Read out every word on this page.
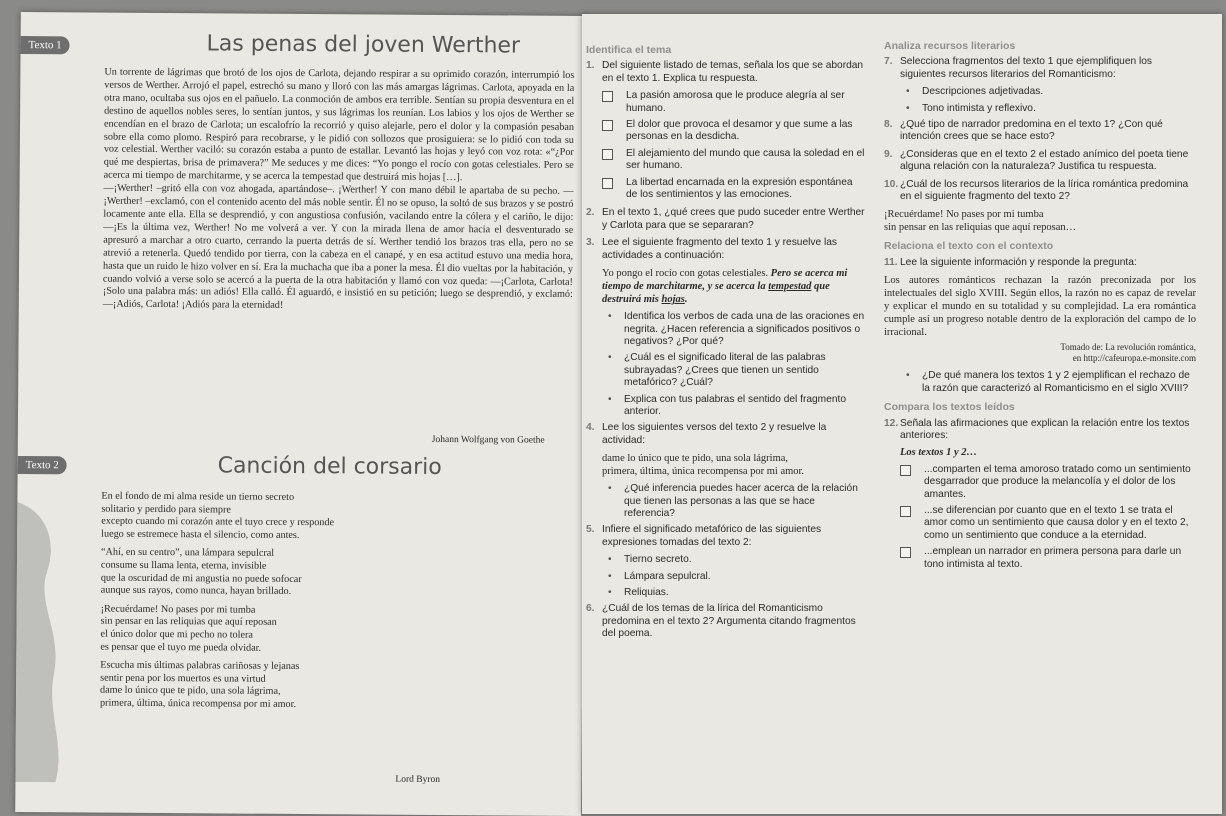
Texto 1	Las penas del joven Werther

Un torrente de lágrimas que brotó de los ojos de Carlota, dejando respirar a su oprimido corazón, interrumpió los versos de Werther. Arrojó el papel, estrechó su mano y lloró con las más amargas lágrimas. Carlota, apoyada en la otra mano, ocultaba sus ojos en el pañuelo. La conmoción de ambos era terrible. Sentían su propia desventura en el destino de aquellos nobles seres, lo sentían juntos, y sus lágrimas los reunían. Los labios y los ojos de Werther se encendían en el brazo de Carlota; un escalofrío la recorrió y quiso alejarle, pero el dolor y la compasión pesaban sobre ella como plomo. Respiró para recobrarse, y le pidió con sollozos que prosiguiera: se lo pidió con toda su voz celestial. Werther vaciló: su corazón estaba a punto de estallar. Levantó las hojas y leyó con voz rota: «“¿Por qué me despiertas, brisa de primavera?” Me seduces y me dices: “Yo pongo el rocío con gotas celestiales. Pero se acerca mi tiempo de marchitarme, y se acerca la tempestad que destruirá mis hojas […].

—¡Werther! –gritó ella con voz ahogada, apartándose–. ¡Werther! Y con mano débil le apartaba de su pecho. —¡Werther! –exclamó, con el contenido acento del más noble sentir. Él no se opuso, la soltó de sus brazos y se postró locamente ante ella. Ella se desprendió, y con angustiosa confusión, vacilando entre la cólera y el cariño, le dijo: —¡Es la última vez, Werther! No me volverá a ver. Y con la mirada llena de amor hacia el desventurado se apresuró a marchar a otro cuarto, cerrando la puerta detrás de sí. Werther tendió los brazos tras ella, pero no se atrevió a retenerla. Quedó tendido por tierra, con la cabeza en el canapé, y en esa actitud estuvo una media hora, hasta que un ruido le hizo volver en sí. Era la muchacha que iba a poner la mesa. Él dio vueltas por la habitación, y cuando volvió a verse solo se acercó a la puerta de la otra habitación y llamó con voz queda: —¡Carlota, Carlota! ¡Solo una palabra más: un adiós! Ella calló. Él aguardó, e insistió en su petición; luego se desprendió, y exclamó: —¡Adiós, Carlota! ¡Adiós para la eternidad!

Johann Wolfgang von Goethe
Texto 2	Canción del corsario
En el fondo de mi alma reside un tierno secreto
solitario y perdido para siempre
excepto cuando mi corazón ante el tuyo crece y responde
luego se estremece hasta el silencio, como antes.
“Ahí, en su centro”, una lámpara sepulcral
consume su llama lenta, eterna, invisible
que la oscuridad de mi angustia no puede sofocar
aunque sus rayos, como nunca, hayan brillado.
¡Recuérdame! No pases por mi tumba
sin pensar en las reliquias que aquí reposan
el único dolor que mi pecho no tolera
es pensar que el tuyo me pueda olvidar.
Escucha mis últimas palabras cariñosas y lejanas
sentir pena por los muertos es una virtud
dame lo único que te pido, una sola lágrima,
primera, última, única recompensa por mi amor.
Lord Byron
Identifica el tema
1. Del siguiente listado de temas, señala los que se abordan en el texto 1. Explica tu respuesta.
La pasión amorosa que le produce alegría al ser humano.
El dolor que provoca el desamor y que sume a las personas en la desdicha.
El alejamiento del mundo que causa la soledad en el ser humano.
La libertad encarnada en la expresión espontánea de los sentimientos y las emociones.
2. En el texto 1, ¿qué crees que pudo suceder entre Werther y Carlota para que se separaran?
3. Lee el siguiente fragmento del texto 1 y resuelve las actividades a continuación:
Yo pongo el rocío con gotas celestiales. Pero se acerca mi tiempo de marchitarme, y se acerca la tempestad que destruirá mis hojas.
• Identifica los verbos de cada una de las oraciones en negrita. ¿Hacen referencia a significados positivos o negativos? ¿Por qué?
• ¿Cuál es el significado literal de las palabras subrayadas? ¿Crees que tienen un sentido metafórico? ¿Cuál?
• Explica con tus palabras el sentido del fragmento anterior.
4. Lee los siguientes versos del texto 2 y resuelve la actividad:
dame lo único que te pido, una sola lágrima,
primera, última, única recompensa por mi amor.
• ¿Qué inferencia puedes hacer acerca de la relación que tienen las personas a las que se hace referencia?
5. Infiere el significado metafórico de las siguientes expresiones tomadas del texto 2:
• Tierno secreto.
• Lámpara sepulcral.
• Reliquias.
6. ¿Cuál de los temas de la lírica del Romanticismo predomina en el texto 2? Argumenta citando fragmentos del poema.
Analiza recursos literarios
7. Selecciona fragmentos del texto 1 que ejemplifiquen los siguientes recursos literarios del Romanticismo:
• Descripciones adjetivadas.
• Tono intimista y reflexivo.
8. ¿Qué tipo de narrador predomina en el texto 1? ¿Con qué intención crees que se hace esto?
9. ¿Consideras que en el texto 2 el estado anímico del poeta tiene alguna relación con la naturaleza? Justifica tu respuesta.
10. ¿Cuál de los recursos literarios de la lírica romántica predomina en el siguiente fragmento del texto 2?
¡Recuérdame! No pases por mi tumba
sin pensar en las reliquias que aquí reposan…
Relaciona el texto con el contexto
11. Lee la siguiente información y responde la pregunta:
Los autores románticos rechazan la razón preconizada por los intelectuales del siglo XVIII. Según ellos, la razón no es capaz de revelar y explicar el mundo en su totalidad y su complejidad. La era romántica cumple así un progreso notable dentro de la exploración del campo de lo irracional.
Tomado de: La revolución romántica,
en http://cafeuropa.e-monsite.com
• ¿De qué manera los textos 1 y 2 ejemplifican el rechazo de la razón que caracterizó al Romanticismo en el siglo XVIII?
Compara los textos leídos
12. Señala las afirmaciones que explican la relación entre los textos anteriores:
Los textos 1 y 2…
...comparten el tema amoroso tratado como un sentimiento desgarrador que produce la melancolía y el dolor de los amantes.
...se diferencian por cuanto que en el texto 1 se trata el amor como un sentimiento que causa dolor y en el texto 2, como un sentimiento que conduce a la eternidad.
...emplean un narrador en primera persona para darle un tono intimista al texto.
